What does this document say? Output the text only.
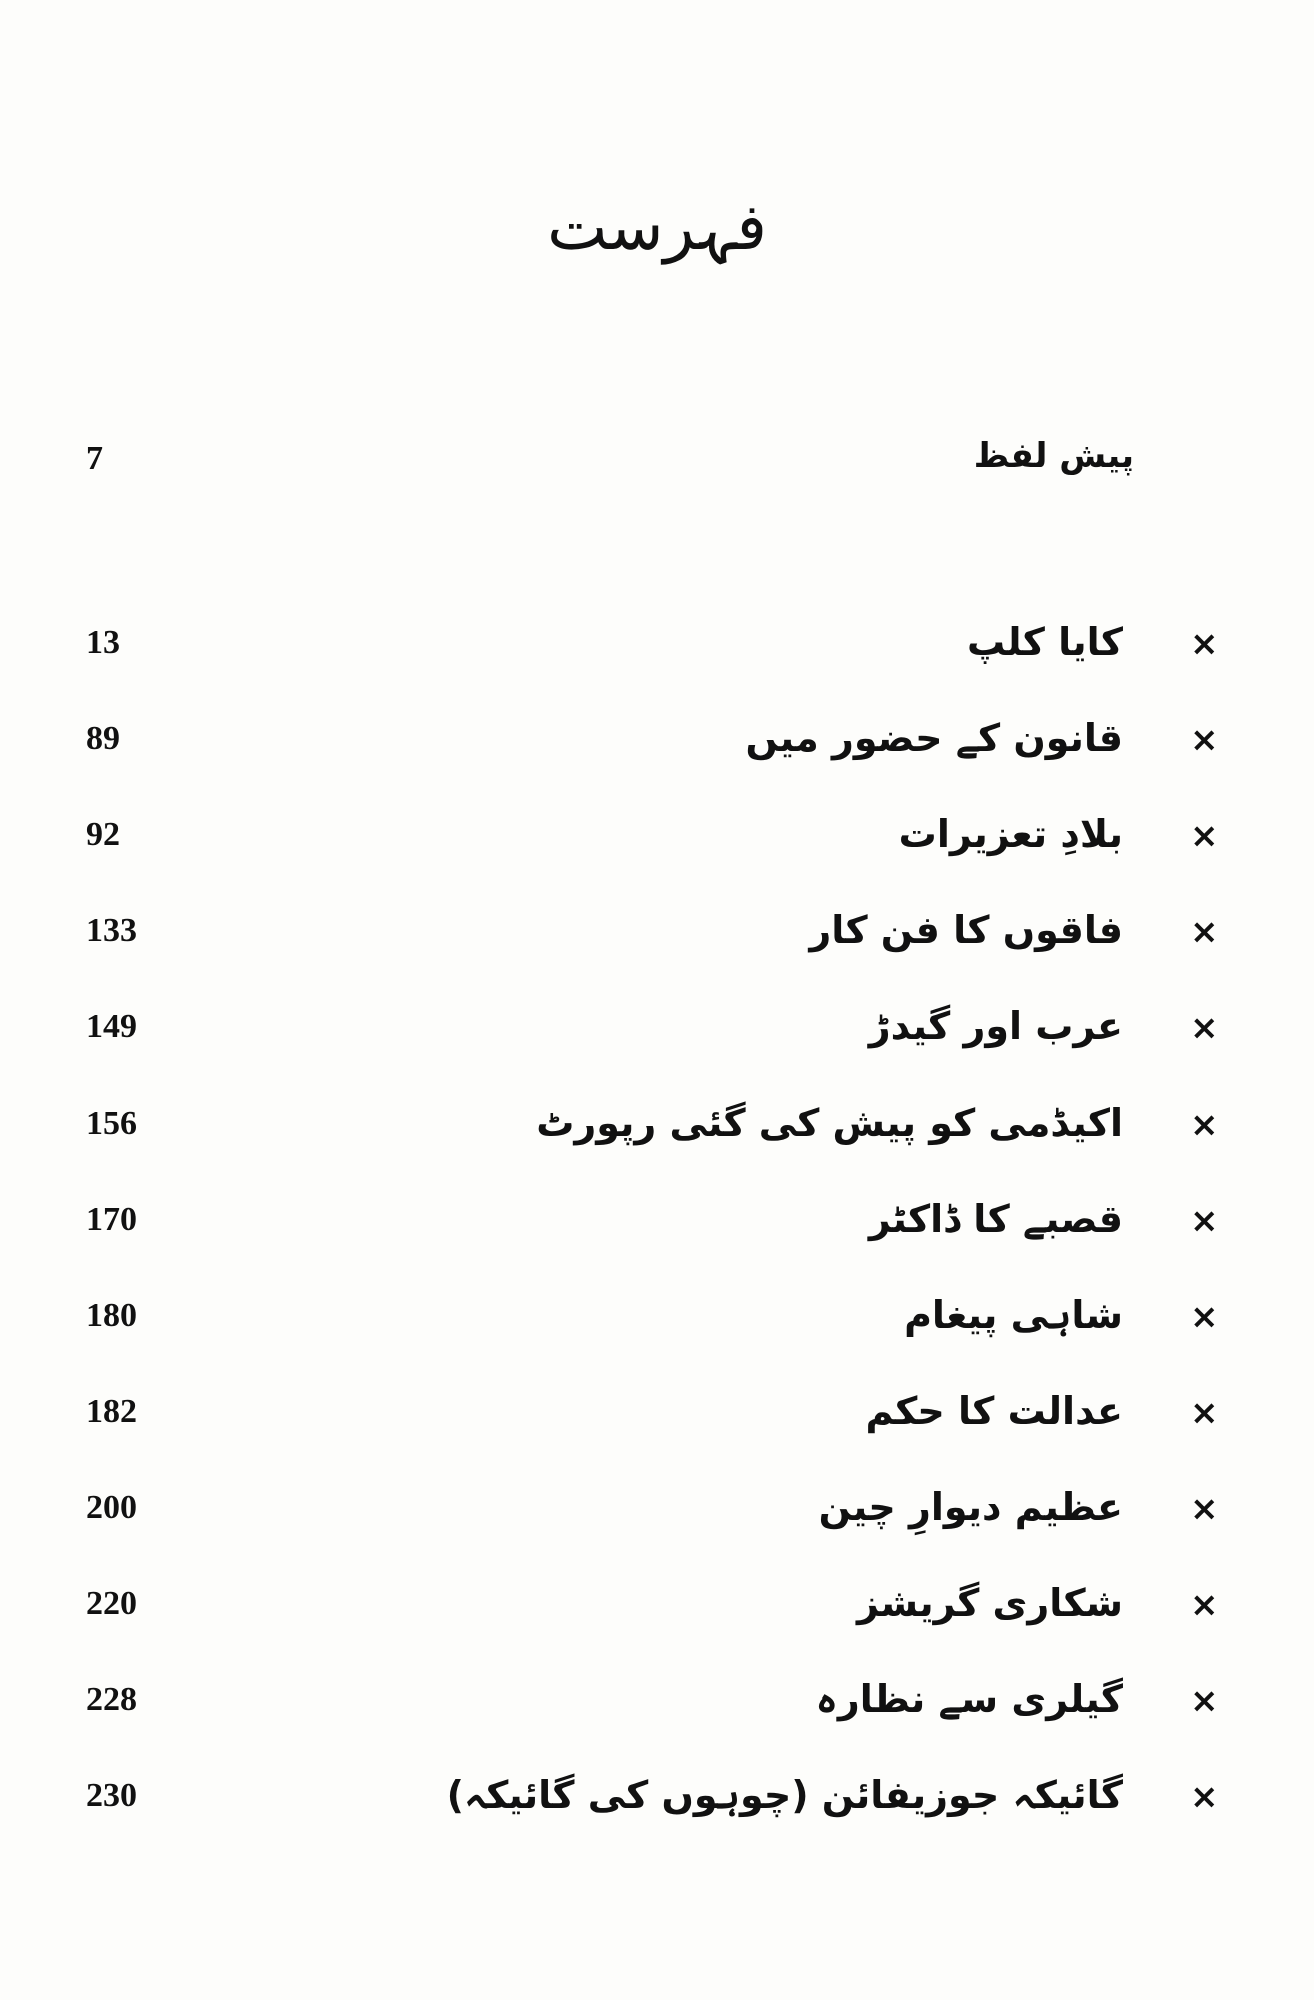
فہرست
7	پیش لفظ
13	کایا کلپ ×
89	قانون کے حضور میں ×
92	بلادِ تعزیرات ×
133	فاقوں کا فن کار ×
149	عرب اور گیدڑ ×
156	اکیڈمی کو پیش کی گئی رپورٹ ×
170	قصبے کا ڈاکٹر ×
180	شاہی پیغام ×
182	عدالت کا حکم ×
200	عظیم دیوارِ چین ×
220	شکاری گریشز ×
228	گیلری سے نظارہ ×
230	گائیکہ جوزیفائن (چوہوں کی گائیکہ) ×
